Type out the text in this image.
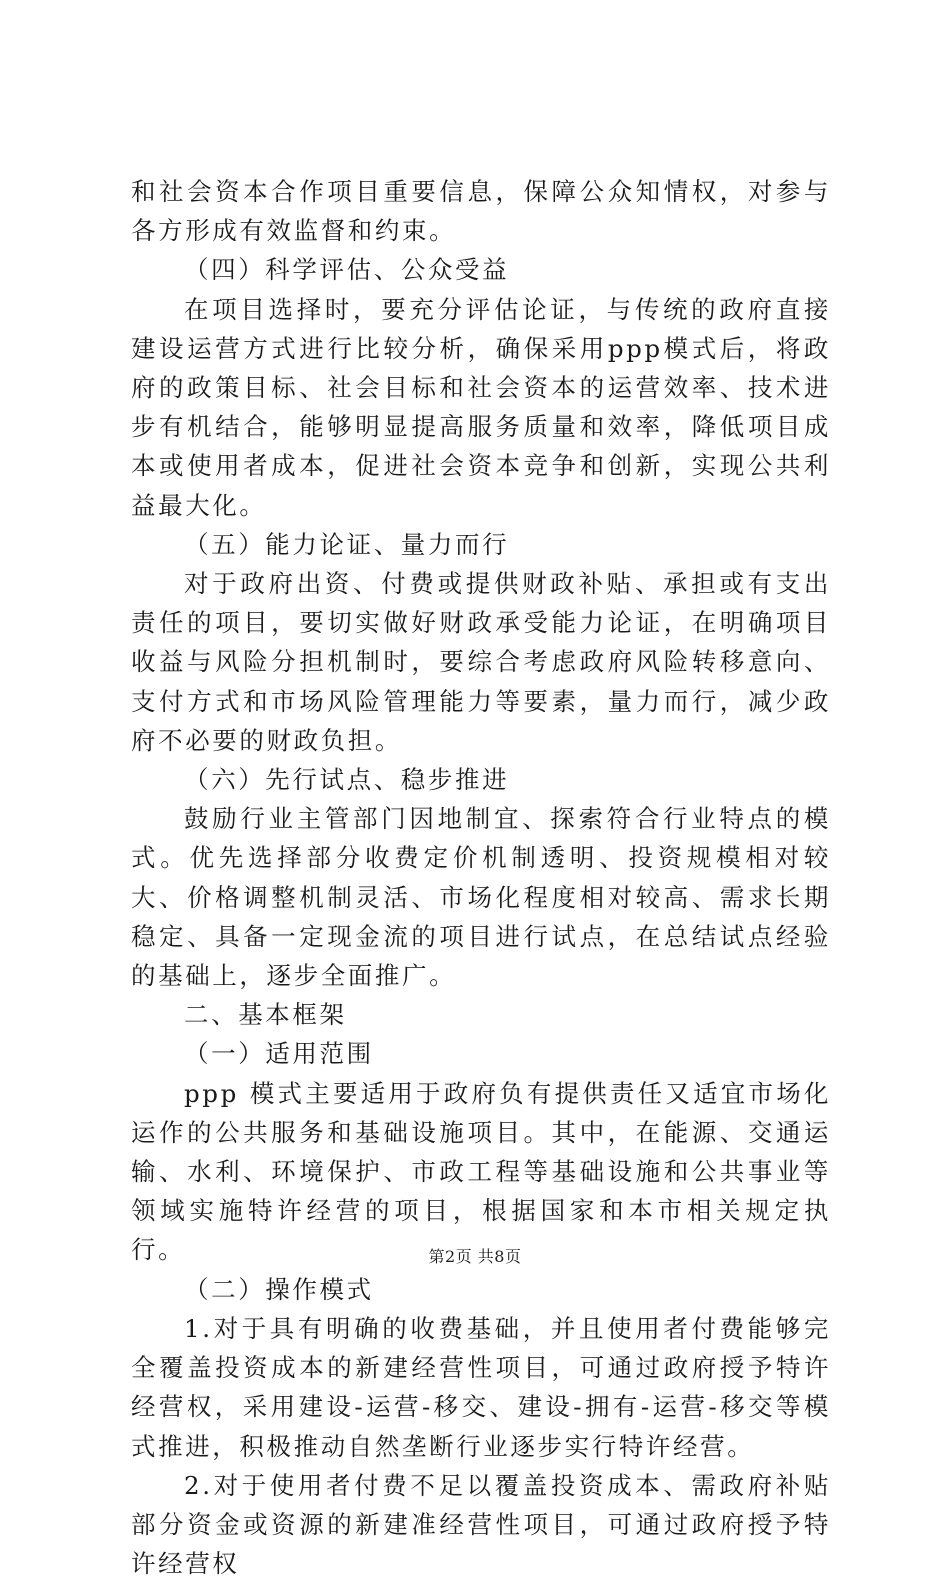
和社会资本合作项目重要信息，保障公众知情权，对参与各方形成有效监督和约束。

（四）科学评估、公众受益

在项目选择时，要充分评估论证，与传统的政府直接建设运营方式进行比较分析，确保采用ppp模式后，将政府的政策目标、社会目标和社会资本的运营效率、技术进步有机结合，能够明显提高服务质量和效率，降低项目成本或使用者成本，促进社会资本竞争和创新，实现公共利益最大化。

（五）能力论证、量力而行

对于政府出资、付费或提供财政补贴、承担或有支出责任的项目，要切实做好财政承受能力论证，在明确项目收益与风险分担机制时，要综合考虑政府风险转移意向、支付方式和市场风险管理能力等要素，量力而行，减少政府不必要的财政负担。

（六）先行试点、稳步推进

鼓励行业主管部门因地制宜、探索符合行业特点的模式。优先选择部分收费定价机制透明、投资规模相对较大、价格调整机制灵活、市场化程度相对较高、需求长期稳定、具备一定现金流的项目进行试点，在总结试点经验的基础上，逐步全面推广。

二、基本框架

（一）适用范围

ppp 模式主要适用于政府负有提供责任又适宜市场化运作的公共服务和基础设施项目。其中，在能源、交通运输、水利、环境保护、市政工程等基础设施和公共事业等领域实施特许经营的项目，根据国家和本市相关规定执行。

（二）操作模式

1.对于具有明确的收费基础，并且使用者付费能够完全覆盖投资成本的新建经营性项目，可通过政府授予特许经营权，采用建设-运营-移交、建设-拥有-运营-移交等模式推进，积极推动自然垄断行业逐步实行特许经营。

2.对于使用者付费不足以覆盖投资成本、需政府补贴部分资金或资源的新建准经营性项目，可通过政府授予特许经营权

第2页 共8页
